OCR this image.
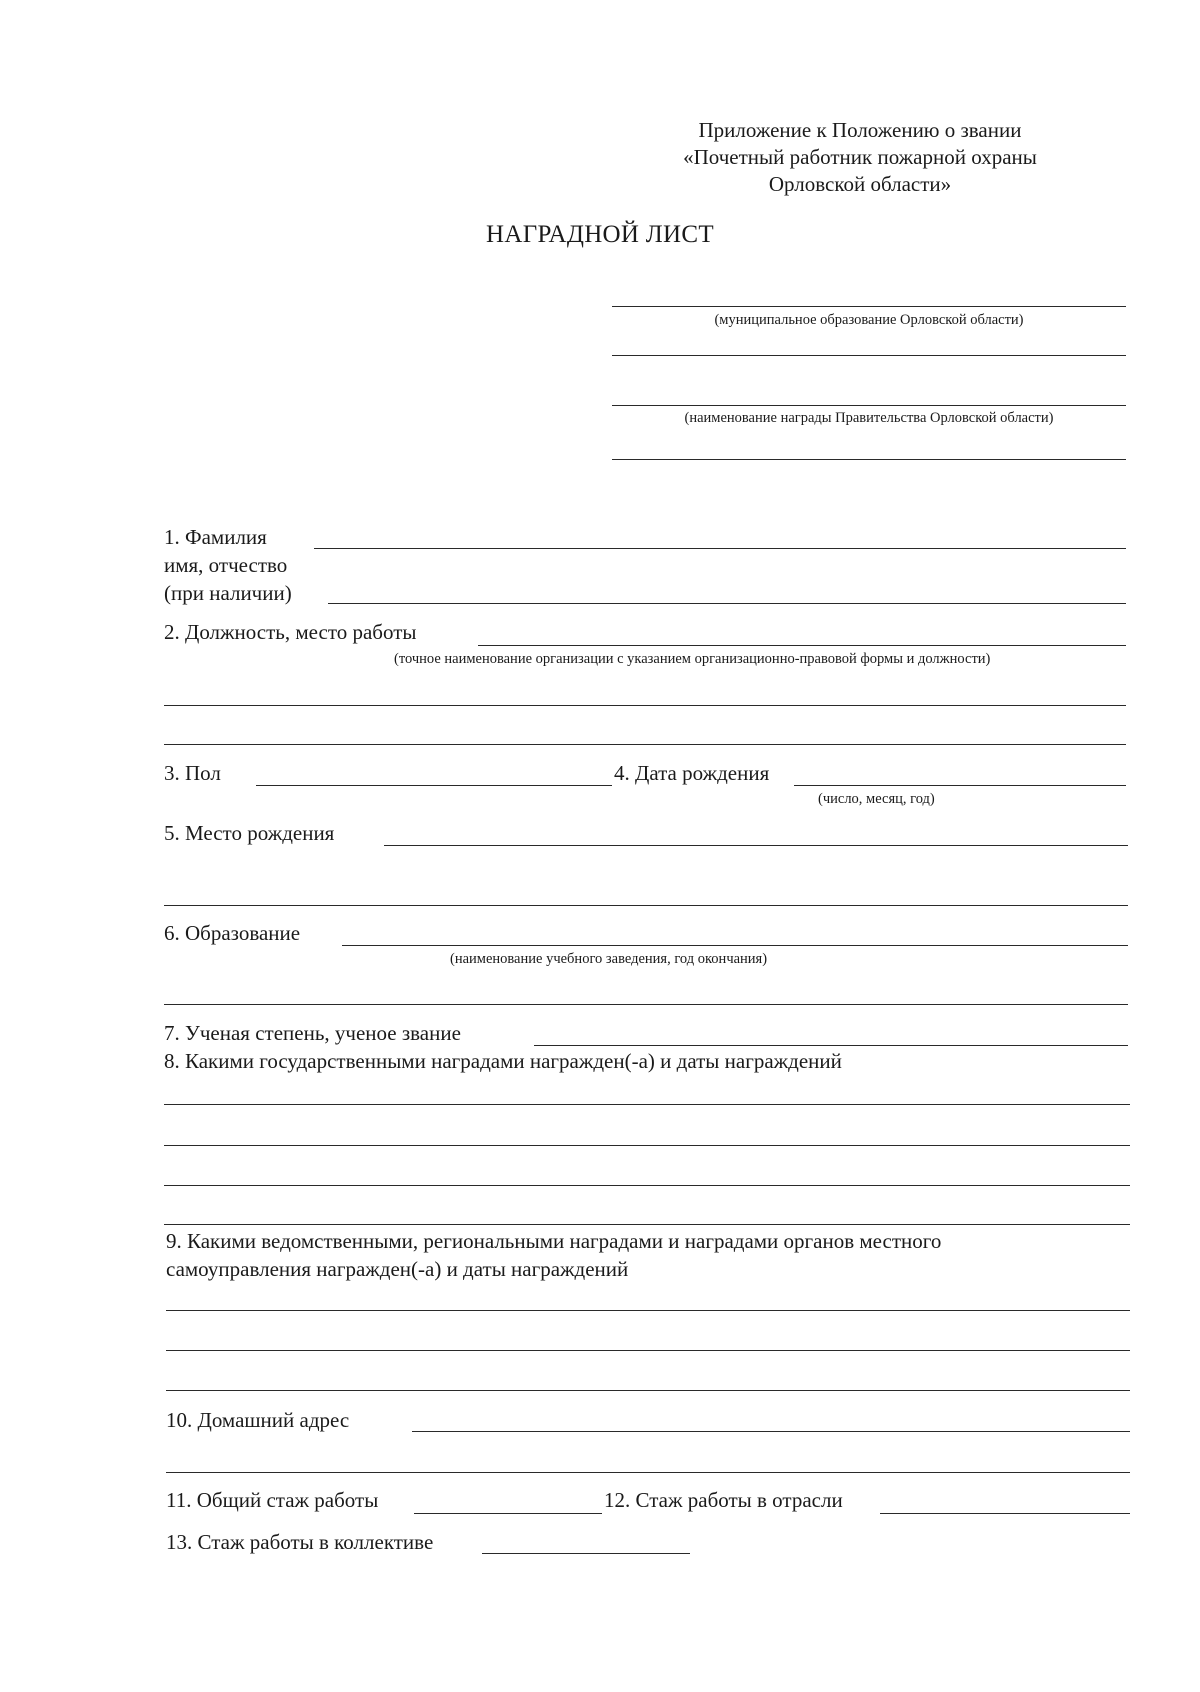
Приложение к Положению о звании
«Почетный работник пожарной охраны
Орловской области»
НАГРАДНОЙ ЛИСТ
(муниципальное образование Орловской области)
(наименование награды Правительства Орловской области)
1. Фамилия
имя, отчество
(при наличии)
2. Должность, место работы
(точное наименование организации с указанием организационно-правовой формы и должности)
3. Пол	4. Дата рождения
(число, месяц, год)
5. Место рождения
6. Образование
(наименование учебного заведения, год окончания)
7. Ученая степень, ученое звание
8. Какими государственными наградами награжден(-а) и даты награждений
9. Какими ведомственными, региональными наградами и наградами органов местного
самоуправления награжден(-а) и даты награждений
10. Домашний адрес
11. Общий стаж работы	12. Стаж работы в отрасли
13. Стаж работы в коллективе
